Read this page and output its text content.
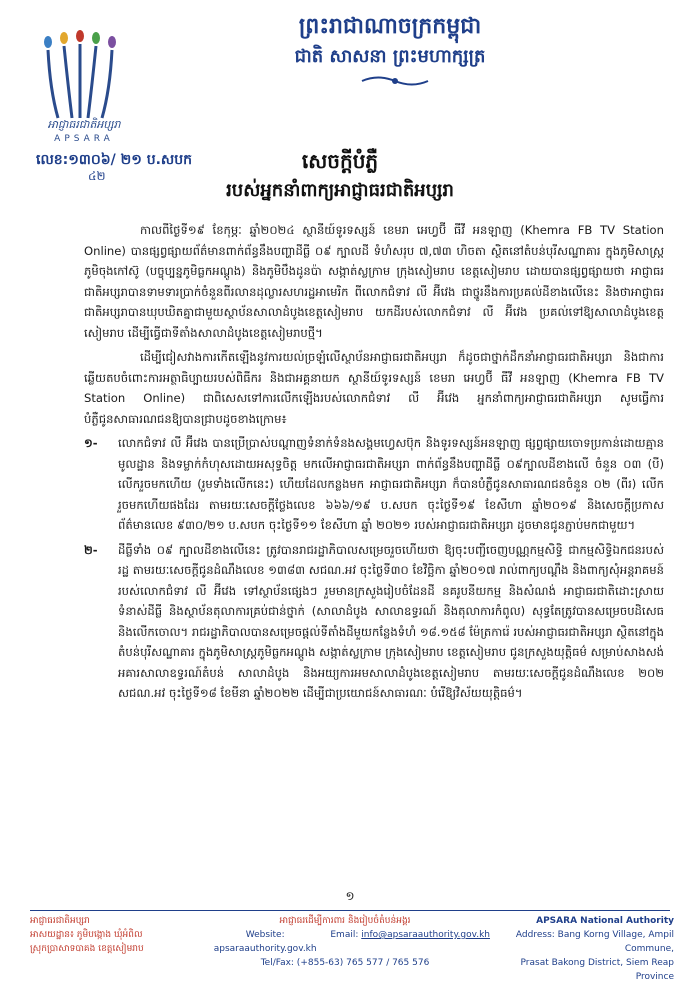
អាជ្ញាធរជាតិអប្សរា
APSARA
ព្រះរាជាណាចក្រកម្ពុជា
ជាតិ សាសនា ព្រះមហាក្សត្រ
លេខ:១៣០៦/ ២១ ប.សបក
៤២
សេចក្តីបំភ្លឺ
របស់អ្នកនាំពាក្យអាជ្ញាធរជាតិអប្សរា

កាលពីថ្ងៃទី១៩ ខែកុម្ភៈ ឆ្នាំ២០២៤ ស្ថានីយ៍ទូរទស្សន៍ ខេមរា អេហ្វប៊ី ធីវី អនឡាញ (Khemra FB TV Station Online) បានផ្សព្វផ្សាយព័ត៌មានពាក់ព័ន្ធនឹងបញ្ហាដីធ្លី ០៩ ក្បាលដី ទំហំសរុប ៧,៧៣ ហិចតា ស្ថិតនៅតំបន់បុរីសណ្ឋាគារ ក្នុងភូមិសាស្ត្រ ភូមិចុងកៅស៊ូ (បច្ចុប្បន្នភូមិធ្លកអណ្ដូង) និងភូមិបឹងដូនប៉ា សង្កាត់ស្លក្រាម ក្រុងសៀមរាប ខេត្តសៀមរាប ដោយបានផ្សព្វផ្សាយថា អាជ្ញាធរជាតិអប្សរាបានទាមទារប្រាក់ចំនួនពីរលានដុល្លារសហរដ្ឋអាមេរិក ពីលោកជំទាវ លី អ៊ីវេង ជាថ្នូរនឹងការប្រគល់ដីខាងលើនេះ និងថាអាជ្ញាធរជាតិអប្សរាបានឃុបឃិតគ្នាជាមួយស្ថាប័នសាលាដំបូងខេត្តសៀមរាប យកដីរបស់លោកជំទាវ លី អ៊ីវេង ប្រគល់ទៅឱ្យសាលាដំបូងខេត្តសៀមរាប ដើម្បីធ្វើជាទីតាំងសាលាដំបូងខេត្តសៀមរាបថ្មី។

ដើម្បីជៀសវាងការកេីតឡេីងនូវការយល់ច្រឡំលើស្ថាប័នអាជ្ញាធរជាតិអប្សរា ក៏ដូចជាថ្នាក់ដឹកនាំអាជ្ញាធរជាតិអប្សរា និងជាការឆ្លើយតបចំពោះការអត្ថាធិប្បាយរបស់ពិធីករ និងជាអគ្គនាយក ស្ថានីយ៍ទូរទស្សន៍ ខេមរា អេហ្វប៊ី ធីវី អនឡាញ (Khemra FB TV Station Online) ជាពិសេសទៅការលើកឡើងរបស់លោកជំទាវ លី អ៊ីវេង អ្នកនាំពាក្យអាជ្ញាធរជាតិអប្សរា សូមធ្វើការបំភ្លឺជូនសាធារណជនឱ្យបានជ្រាបដូចខាងក្រោម៖

១- លោកជំទាវ លី អ៊ីវេង បានប្រើប្រាស់បណ្តាញទំនាក់ទំនងសង្គមហ្វេសប៊ុក និងទូរទស្សន៍អនឡាញ ផ្សព្វផ្សាយចោទប្រកាន់ដោយគ្មានមូលដ្ឋាន និងទម្លាក់កំហុសដោយអសុទ្ធចិត្ត មកលើអាជ្ញាធរជាតិអប្សរា ពាក់ព័ន្ធនឹងបញ្ហាដីធ្លី ០៩ក្បាលដីខាងលើ ចំនួន ០៣ (បី) លើករួចមកហើយ (រួមទាំងលើកនេះ) ហើយដែលកន្លងមក អាជ្ញាធរជាតិអប្សរា ក៏បានបំភ្លឺជូនសាធារណជនចំនួន ០២ (ពីរ) លើករួចមកហើយផងដែរ តាមរយៈសេចក្តីថ្លែងលេខ ៦៦៦/១៩ ប.សបក ចុះថ្ងៃទី១៩ ខែសីហា ឆ្នាំ២០១៩ និងសេចក្តីប្រកាសព័ត៌មានលេខ ៩៣០/២១ ប.សបក ចុះថ្ងៃទី១១ ខែសីហា ឆ្នាំ ២០២១ របស់អាជ្ញាធរជាតិអប្សរា ដូចមានជូនភ្ជាប់មកជាមួយ។
២- ដីធ្លីទាំង ០៩ ក្បាលដីខាងលើនេះ ត្រូវបានរាជរដ្ឋាភិបាលសម្រេចរួចហើយថា ឱ្យចុះបញ្ជីចេញបណ្ណកម្មសិទ្ធិ ជាកម្មសិទ្ធិឯកជនរបស់រដ្ឋ តាមរយៈសេចក្តីជូនដំណឹងលេខ ១៣៨៣ សជណ.អវ ចុះថ្ងៃទី៣០ ខែវិច្ឆិកា ឆ្នាំ២០១៧ រាល់ពាក្យបណ្ដឹង និងពាក្យសុំអន្តរាគមន៍របស់លោកជំទាវ លី អ៊ីវេង ទៅស្ថាប័នផ្សេងៗ រួមមានក្រសួងរៀបចំដែនដី នគរូបនីយកម្ម និងសំណង់ អាជ្ញាធរជាតិដោះស្រាយទំនាស់ដីធ្លី និងស្ថាប័នតុលាការគ្រប់ជាន់ថ្នាក់ (សាលាដំបូង សាលាឧទ្ធរណ៍ និងតុលាការកំពូល) សុទ្ធតែត្រូវបានសម្រេចបដិសេធ និងលើកចោល។ រាជរដ្ឋាភិបាលបានសម្រេចផ្តល់ទីតាំងដីមួយកន្លែងទំហំ ១៨.១៥៨ ម៉ែត្រការ៉េ របស់អាជ្ញាធរជាតិអប្សរា ស្ថិតនៅក្នុងតំបន់បុរីសណ្ឋាគារ ក្នុងភូមិសាស្ត្រភូមិធ្លកអណ្ដូង សង្កាត់ស្លក្រាម ក្រុងសៀមរាប ខេត្តសៀមរាប ជូនក្រសួងយុត្តិធម៌ សម្រាប់សាងសង់អគារសាលាឧទ្ធរណ៍តំបន់ សាលាដំបូង និងអយ្យការអមសាលាដំបូងខេត្តសៀមរាប តាមរយៈសេចក្តីជូនដំណឹងលេខ ២០២ សជណ.អវ ចុះថ្ងៃទី១៨ ខែមីនា ឆ្នាំ២០២២ ដើម្បីជាប្រយោជន៍សាធារណៈ បំរើឱ្យវិស័យយុត្តិធម៌។
១
អាជ្ញាធរជាតិអប្សរា
អាសយដ្ឋាន៖ ភូមិបង្កោង ឃុំអំពិល
ស្រុកប្រាសាទបាគង ខេត្តសៀមរាប
អាជ្ញាធរដើម្បីការពារ និងរៀបចំតំបន់អង្គរ
Website: apsaraauthority.gov.kh
Email: info@apsaraauthority.gov.kh
Tel/Fax: (+855-63) 765 577 / 765 576
APSARA National Authority
Address: Bang Korng Village, Ampil Commune,
Prasat Bakong District, Siem Reap Province
